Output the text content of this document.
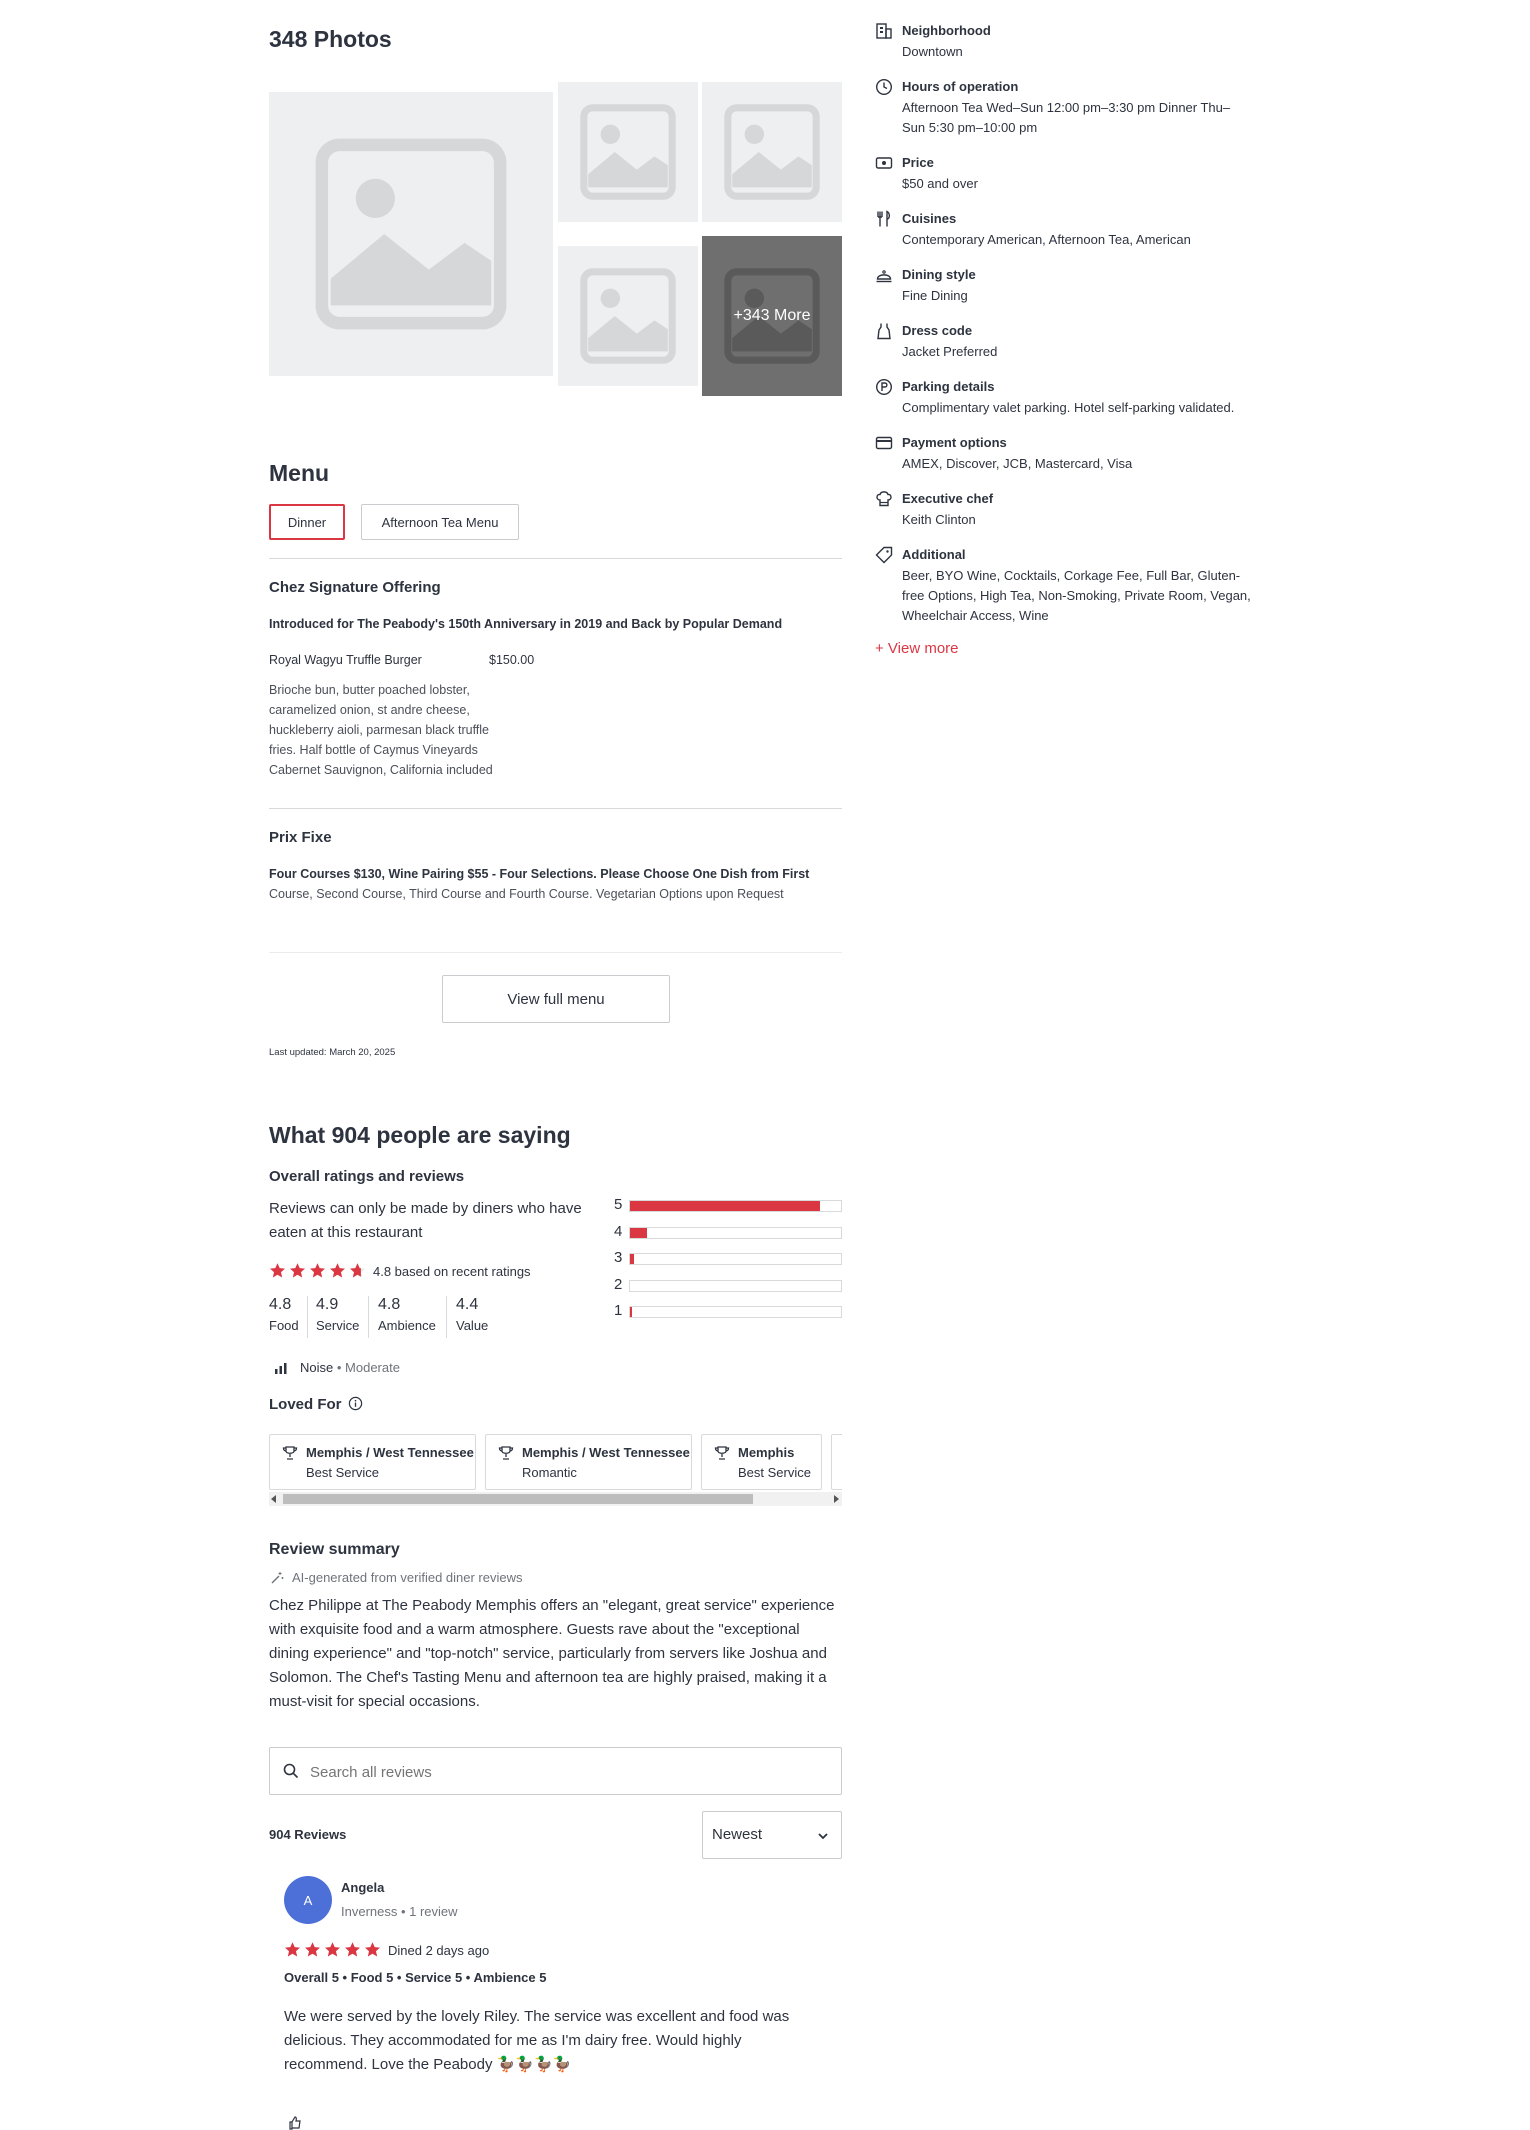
348 Photos
+343 More
Menu
Dinner	Afternoon Tea Menu
Chez Signature Offering
Introduced for The Peabody's 150th Anniversary in 2019 and Back by Popular Demand
Royal Wagyu Truffle Burger	$150.00
Brioche bun, butter poached lobster, caramelized onion, st andre cheese, huckleberry aioli, parmesan black truffle fries. Half bottle of Caymus Vineyards Cabernet Sauvignon, California included
Prix Fixe
Four Courses $130, Wine Pairing $55 - Four Selections. Please Choose One Dish from First
Course, Second Course, Third Course and Fourth Course. Vegetarian Options upon Request
View full menu
Last updated: March 20, 2025
Neighborhood
Downtown
Hours of operation
Afternoon Tea Wed–Sun 12:00 pm–3:30 pm Dinner Thu–Sun 5:30 pm–10:00 pm
Price
$50 and over
Cuisines
Contemporary American, Afternoon Tea, American
Dining style
Fine Dining
Dress code
Jacket Preferred
Parking details
Complimentary valet parking. Hotel self-parking validated.
Payment options
AMEX, Discover, JCB, Mastercard, Visa
Executive chef
Keith Clinton
Additional
Beer, BYO Wine, Cocktails, Corkage Fee, Full Bar, Gluten-free Options, High Tea, Non-Smoking, Private Room, Vegan, Wheelchair Access, Wine
+ View more
What 904 people are saying
Overall ratings and reviews
Reviews can only be made by diners who have eaten at this restaurant
4.8 based on recent ratings
5
4
3
2
1
4.8
Food
4.9
Service
4.8
Ambience
4.4
Value
Noise • Moderate
Loved For
Memphis / West Tennessee
Best Service
Memphis / West Tennessee
Romantic
Memphis
Best Service
Review summary
AI-generated from verified diner reviews
Chez Philippe at The Peabody Memphis offers an "elegant, great service" experience with exquisite food and a warm atmosphere. Guests rave about the "exceptional dining experience" and "top-notch" service, particularly from servers like Joshua and Solomon. The Chef's Tasting Menu and afternoon tea are highly praised, making it a must-visit for special occasions.
Search all reviews
904 Reviews	Newest
A
Angela
Inverness • 1 review
Dined 2 days ago
Overall 5 • Food 5 • Service 5 • Ambience 5
We were served by the lovely Riley. The service was excellent and food was delicious. They accommodated for me as I'm dairy free. Would highly recommend. Love the Peabody 🦆🦆🦆🦆
